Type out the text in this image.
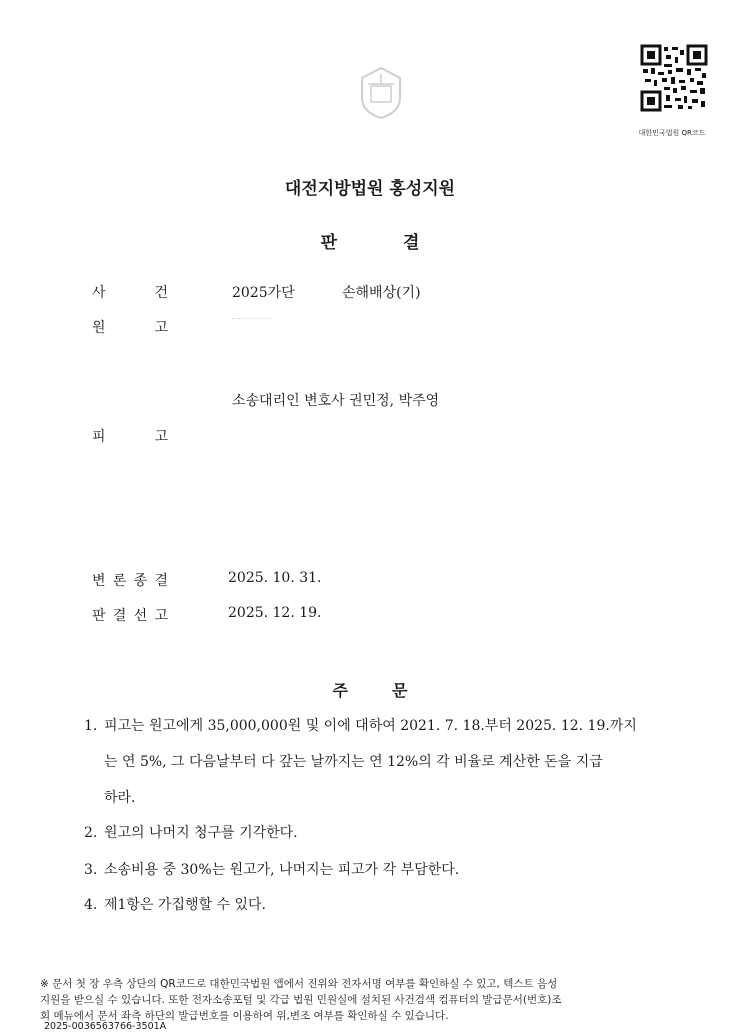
대한민국법원 QR코드
대전지방법원 홍성지원
판	결
사	건	2025가단	손해배상(기)
원	고
소송대리인 변호사 권민정, 박주영
피	고
변 론 종 결	2025. 10. 31.
판 결 선 고	2025. 12. 19.
주	문
1. 피고는 원고에게 35,000,000원 및 이에 대하여 2021. 7. 18.부터 2025. 12. 19.까지
는 연 5%, 그 다음날부터 다 갚는 날까지는 연 12%의 각 비율로 계산한 돈을 지급
하라.
2. 원고의 나머지 청구를 기각한다.
3. 소송비용 중 30%는 원고가, 나머지는 피고가 각 부담한다.
4. 제1항은 가집행할 수 있다.
※ 문서 첫 장 우측 상단의 QR코드로 대한민국법원 앱에서 진위와 전자서명 여부를 확인하실 수 있고, 텍스트 음성
지원을 받으실 수 있습니다. 또한 전자소송포털 및 각급 법원 민원실에 설치된 사건검색 컴퓨터의 발급문서(번호)조
회 메뉴에서 문서 좌측 하단의 발급번호를 이용하여 위,변조 여부를 확인하실 수 있습니다.
2025-0036563766-3501A
